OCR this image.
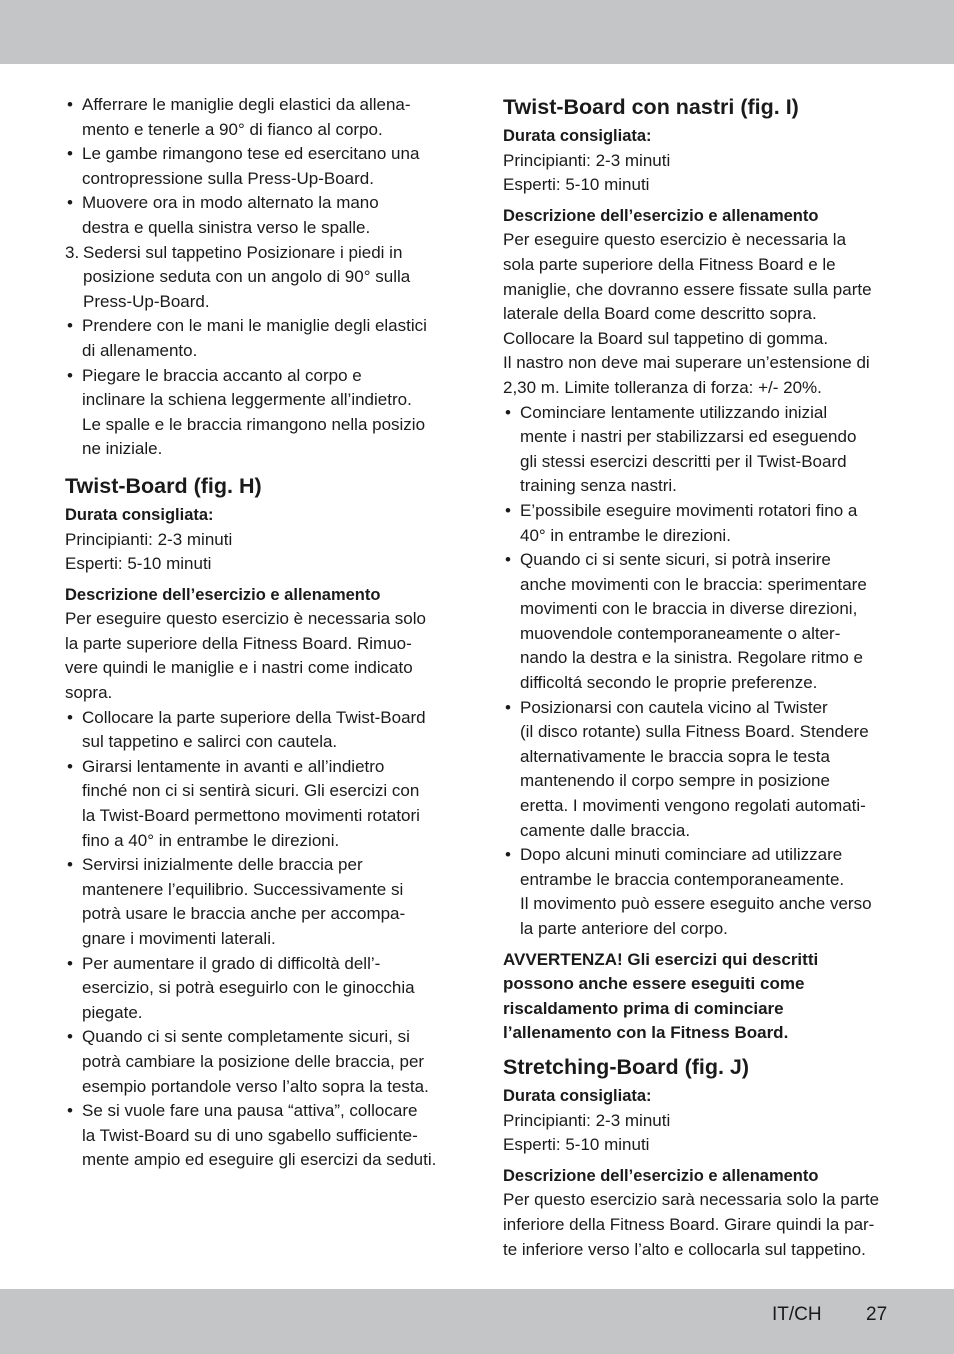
• Afferrare le maniglie degli elastici da allena-
mento e tenerle a 90° di fianco al corpo.
• Le gambe rimangono tese ed esercitano una
contropressione sulla Press-Up-Board.
• Muovere ora in modo alternato la mano
destra e quella sinistra verso le spalle.
3. Sedersi sul tappetino Posizionare i piedi in
posizione seduta con un angolo di 90° sulla
Press-Up-Board.
• Prendere con le mani le maniglie degli elastici
di allenamento.
• Piegare le braccia accanto al corpo e
inclinare la schiena leggermente all’indietro.
Le spalle e le braccia rimangono nella posizio
ne iniziale.
Twist-Board (fig. H)
Durata consigliata:
Principianti: 2-3 minuti
Esperti: 5-10 minuti
Descrizione dell’esercizio e allenamento
Per eseguire questo esercizio è necessaria solo
la parte superiore della Fitness Board. Rimuo-
vere quindi le maniglie e i nastri come indicato
sopra.
• Collocare la parte superiore della Twist-Board
sul tappetino e salirci con cautela.
• Girarsi lentamente in avanti e all’indietro
finché non ci si sentirà sicuri. Gli esercizi con
la Twist-Board permettono movimenti rotatori
fino a 40° in entrambe le direzioni.
• Servirsi inizialmente delle braccia per
mantenere l’equilibrio. Successivamente si
potrà usare le braccia anche per accompa-
gnare i movimenti laterali.
• Per aumentare il grado di difficoltà dell’-
esercizio, si potrà eseguirlo con le ginocchia
piegate.
• Quando ci si sente completamente sicuri, si
potrà cambiare la posizione delle braccia, per
esempio portandole verso l’alto sopra la testa.
• Se si vuole fare una pausa “attiva”, collocare
la Twist-Board su di uno sgabello sufficiente-
mente ampio ed eseguire gli esercizi da seduti.
Twist-Board con nastri (fig. I)
Durata consigliata:
Principianti: 2-3 minuti
Esperti: 5-10 minuti
Descrizione dell’esercizio e allenamento
Per eseguire questo esercizio è necessaria la
sola parte superiore della Fitness Board e le
maniglie, che dovranno essere fissate sulla parte
laterale della Board come descritto sopra.
Collocare la Board sul tappetino di gomma.
Il nastro non deve mai superare un’estensione di
2,30 m. Limite tolleranza di forza: +/- 20%.
• Cominciare lentamente utilizzando inizial
mente i nastri per stabilizzarsi ed eseguendo
gli stessi esercizi descritti per il Twist-Board
training senza nastri.
• E’possibile eseguire movimenti rotatori fino a
40° in entrambe le direzioni.
• Quando ci si sente sicuri, si potrà inserire
anche movimenti con le braccia: sperimentare
movimenti con le braccia in diverse direzioni,
muovendole contemporaneamente o alter-
nando la destra e la sinistra. Regolare ritmo e
difficoltá secondo le proprie preferenze.
• Posizionarsi con cautela vicino al Twister
(il disco rotante) sulla Fitness Board. Stendere
alternativamente le braccia sopra le testa
mantenendo il corpo sempre in posizione
eretta. I movimenti vengono regolati automati-
camente dalle braccia.
• Dopo alcuni minuti cominciare ad utilizzare
entrambe le braccia contemporaneamente.
Il movimento può essere eseguito anche verso
la parte anteriore del corpo.
AVVERTENZA! Gli esercizi qui descritti
possono anche essere eseguiti come
riscaldamento prima di cominciare
l’allenamento con la Fitness Board.
Stretching-Board (fig. J)
Durata consigliata:
Principianti: 2-3 minuti
Esperti: 5-10 minuti
Descrizione dell’esercizio e allenamento
Per questo esercizio sarà necessaria solo la parte
inferiore della Fitness Board. Girare quindi la par-
te inferiore verso l’alto e collocarla sul tappetino.
IT/CH 27
